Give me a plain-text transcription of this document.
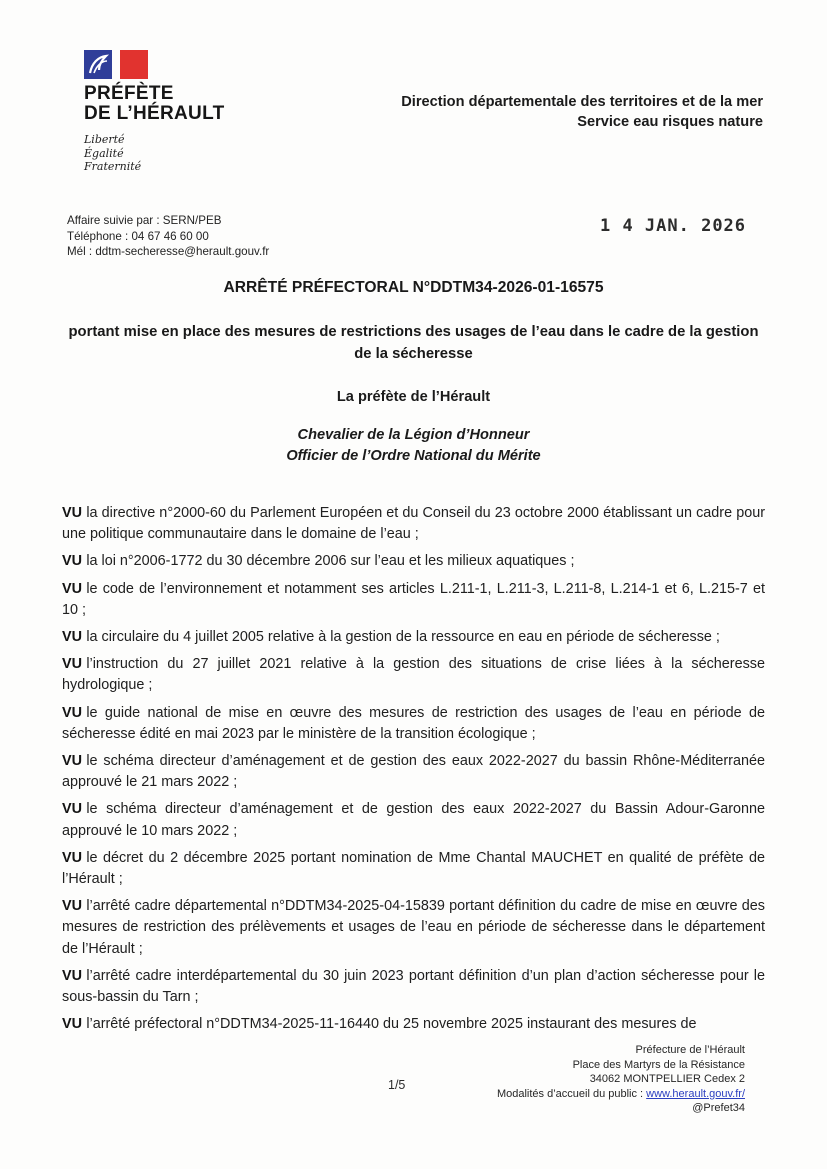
PRÉFÈTE
DE L’HÉRAULT
Liberté
Égalité
Fraternité
Direction départementale des territoires et de la mer
Service eau risques nature
Affaire suivie par : SERN/PEB
Téléphone : 04 67 46 60 00
Mél : ddtm-secheresse@herault.gouv.fr
1 4 JAN. 2026
ARRÊTÉ PRÉFECTORAL N°DDTM34-2026-01-16575
portant mise en place des mesures de restrictions des usages de l’eau dans le cadre de la gestion de la sécheresse
La préfète de l’Hérault
Chevalier de la Légion d’Honneur
Officier de l’Ordre National du Mérite

VU la directive n°2000-60 du Parlement Européen et du Conseil du 23 octobre 2000 établissant un cadre pour une politique communautaire dans le domaine de l’eau ;

VU la loi n°2006-1772 du 30 décembre 2006 sur l’eau et les milieux aquatiques ;

VU le code de l’environnement et notamment ses articles L.211-1, L.211-3, L.211-8, L.214-1 et 6, L.215-7 et 10 ;

VU la circulaire du 4 juillet 2005 relative à la gestion de la ressource en eau en période de sécheresse ;

VU l’instruction du 27 juillet 2021 relative à la gestion des situations de crise liées à la sécheresse hydrologique ;

VU le guide national de mise en œuvre des mesures de restriction des usages de l’eau en période de sécheresse édité en mai 2023 par le ministère de la transition écologique ;

VU le schéma directeur d’aménagement et de gestion des eaux 2022-2027 du bassin Rhône-Méditerranée approuvé le 21 mars 2022 ;

VU le schéma directeur d’aménagement et de gestion des eaux 2022-2027 du Bassin Adour-Garonne approuvé le 10 mars 2022 ;

VU le décret du 2 décembre 2025 portant nomination de Mme Chantal MAUCHET en qualité de préfète de l’Hérault ;

VU l’arrêté cadre départemental n°DDTM34-2025-04-15839 portant définition du cadre de mise en œuvre des mesures de restriction des prélèvements et usages de l’eau en période de sécheresse dans le département de l’Hérault ;

VU l’arrêté cadre interdépartemental du 30 juin 2023 portant définition d’un plan d’action sécheresse pour le sous-bassin du Tarn ;

VU l’arrêté préfectoral n°DDTM34-2025-11-16440 du 25 novembre 2025 instaurant des mesures de

1/5
Préfecture de l’Hérault
Place des Martyrs de la Résistance
34062 MONTPELLIER Cedex 2
Modalités d’accueil du public : www.herault.gouv.fr/
@Prefet34
